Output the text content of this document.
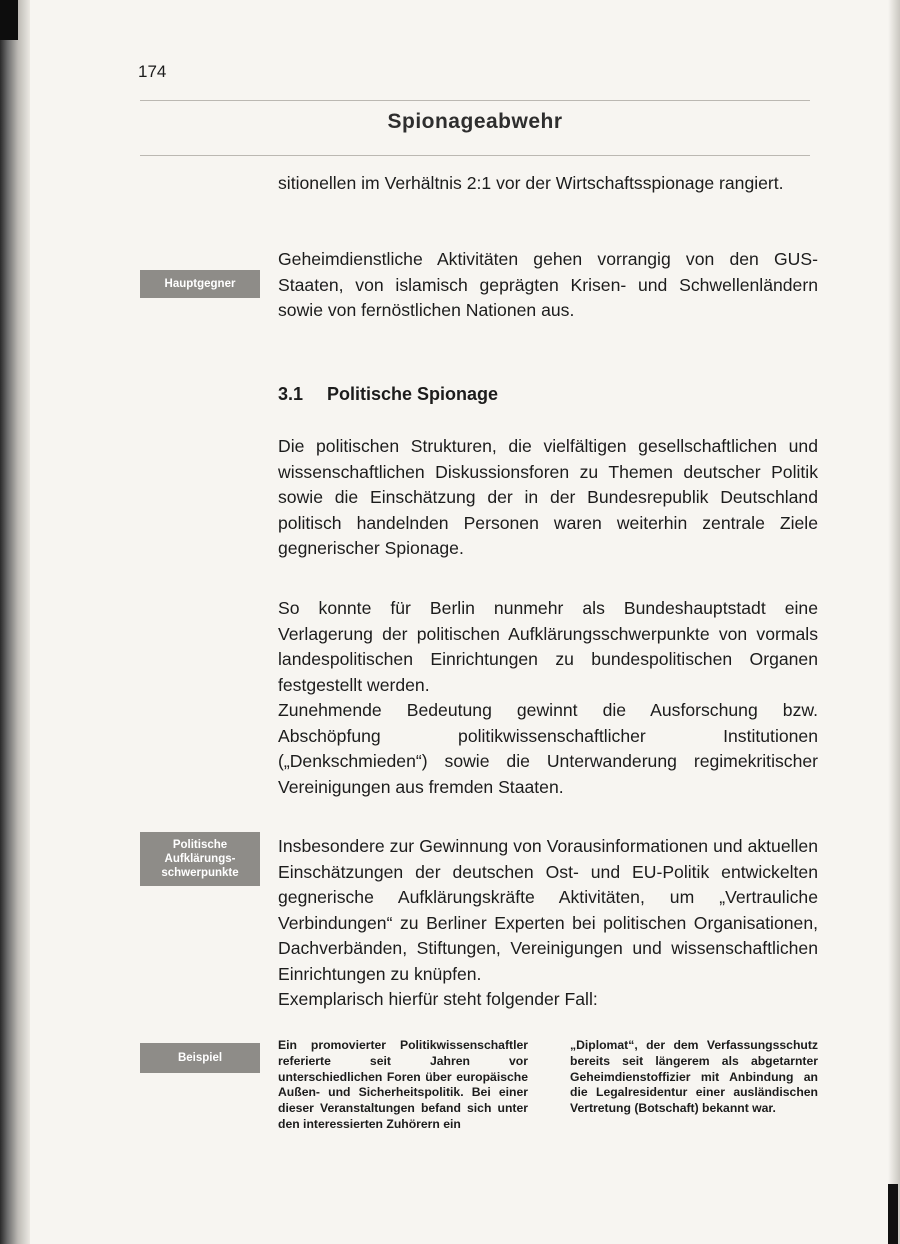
174

Spionageabwehr

sitionellen im Verhältnis 2:1 vor der Wirtschaftsspionage rangiert.

Hauptgegner

Geheimdienstliche Aktivitäten gehen vorrangig von den GUS-Staaten, von islamisch geprägten Krisen- und Schwellenländern sowie von fernöstlichen Nationen aus.

3.1 Politische Spionage

Die politischen Strukturen, die vielfältigen gesellschaftlichen und wissenschaftlichen Diskussionsforen zu Themen deutscher Politik sowie die Einschätzung der in der Bundesrepublik Deutschland politisch handelnden Personen waren weiterhin zentrale Ziele gegnerischer Spionage.

So konnte für Berlin nunmehr als Bundeshauptstadt eine Verlagerung der politischen Aufklärungsschwerpunkte von vormals landespolitischen Einrichtungen zu bundespolitischen Organen festgestellt werden.

Zunehmende Bedeutung gewinnt die Ausforschung bzw. Abschöpfung politikwissenschaftlicher Institutionen („Denkschmieden“) sowie die Unterwanderung regimekritischer Vereinigungen aus fremden Staaten.

Politische Aufklärungs-schwerpunkte

Insbesondere zur Gewinnung von Vorausinformationen und aktuellen Einschätzungen der deutschen Ost- und EU-Politik entwickelten gegnerische Aufklärungskräfte Aktivitäten, um „Vertrauliche Verbindungen“ zu Berliner Experten bei politischen Organisationen, Dachverbänden, Stiftungen, Vereinigungen und wissenschaftlichen Einrichtungen zu knüpfen.

Exemplarisch hierfür steht folgender Fall:

Beispiel

Ein promovierter Politikwissenschaftler referierte seit Jahren vor unterschiedlichen Foren über europäische Außen- und Sicherheitspolitik. Bei einer dieser Veranstaltungen befand sich unter den interessierten Zuhörern ein

„Diplomat“, der dem Verfassungsschutz bereits seit längerem als abgetarnter Geheimdienstoffizier mit Anbindung an die Legalresidentur einer ausländischen Vertretung (Botschaft) bekannt war.
